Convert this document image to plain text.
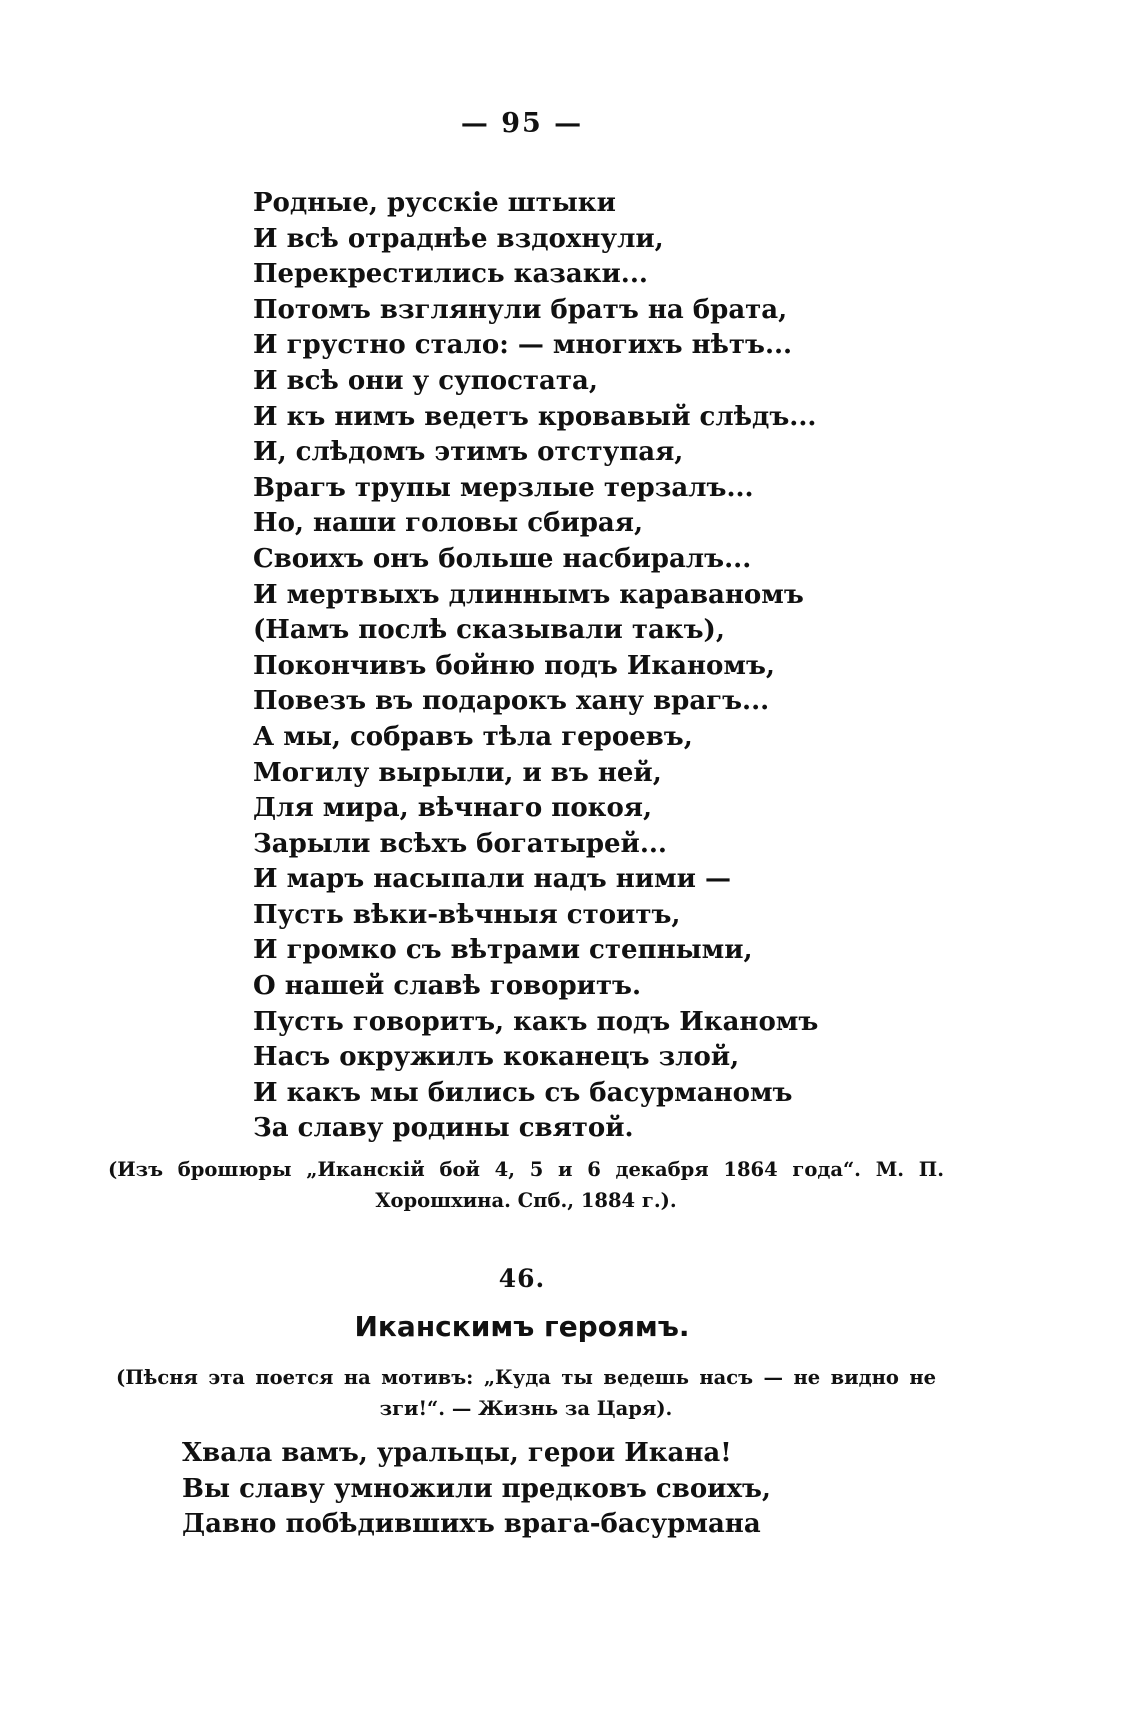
— 95 —
Родные, русскіе штыки
И всѣ отраднѣе вздохнули,
Перекрестились казаки...
Потомъ взглянули братъ на брата,
И грустно стало: — многихъ нѣтъ...
И всѣ они у супостата,
И къ нимъ ведетъ кровавый слѣдъ...
И, слѣдомъ этимъ отступая,
Врагъ трупы мерзлые терзалъ...
Но, наши головы сбирая,
Своихъ онъ больше насбиралъ...
И мертвыхъ длиннымъ караваномъ
(Намъ послѣ сказывали такъ),
Покончивъ бойню подъ Иканомъ,
Повезъ въ подарокъ хану врагъ...
А мы, собравъ тѣла героевъ,
Могилу вырыли, и въ ней,
Для мира, вѣчнаго покоя,
Зарыли всѣхъ богатырей...
И маръ насыпали надъ ними —
Пусть вѣки-вѣчныя стоитъ,
И громко съ вѣтрами степными,
О нашей славѣ говоритъ.
Пусть говоритъ, какъ подъ Иканомъ
Насъ окружилъ коканецъ злой,
И какъ мы бились съ басурманомъ
За славу родины святой.
(Изъ брошюры „Иканскій бой 4, 5 и 6 декабря 1864 года“. М. П. Хорошхина. Спб., 1884 г.).
46.
Иканскимъ героямъ.
(Пѣсня эта поется на мотивъ: „Куда ты ведешь насъ — не видно не зги!“. — Жизнь за Царя).
Хвала вамъ, уральцы, герои Икана!
Вы славу умножили предковъ своихъ,
Давно побѣдившихъ врага-басурмана
